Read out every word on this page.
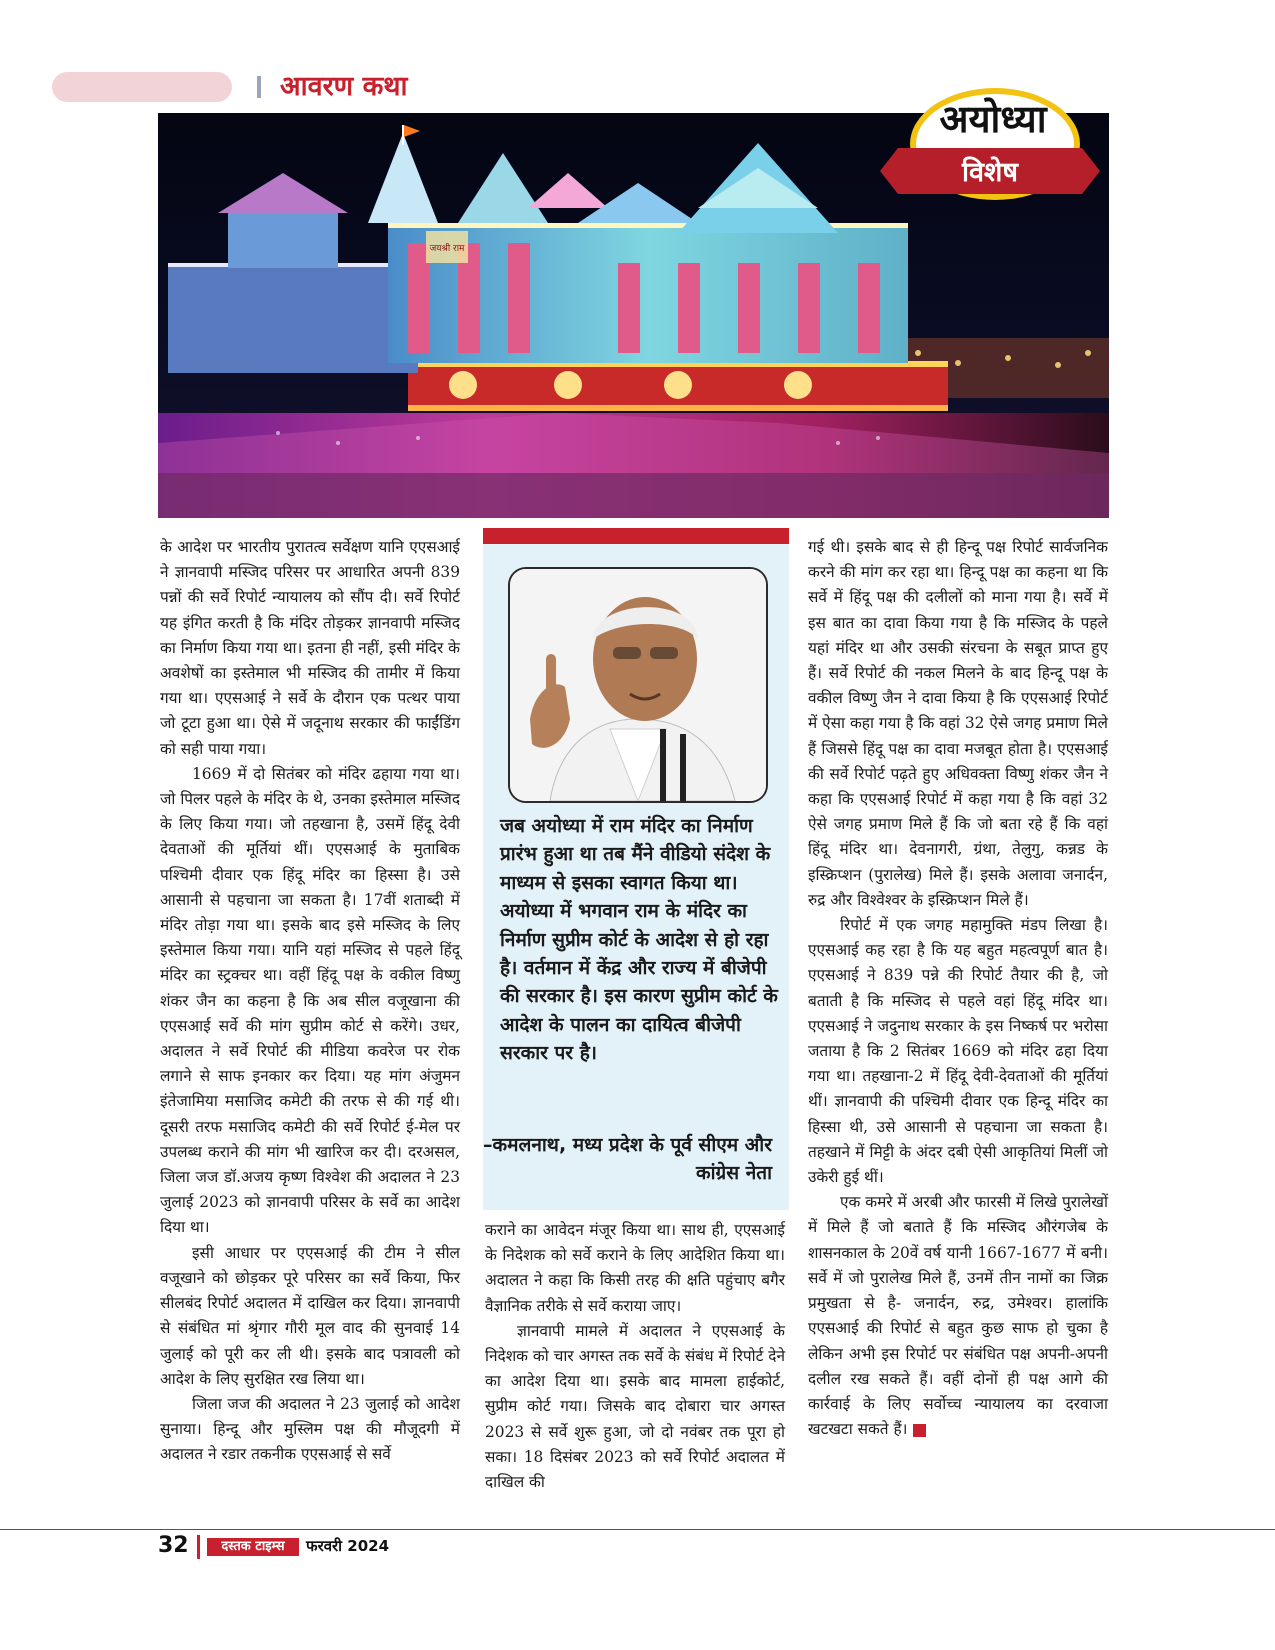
आवरण कथा
जयश्री राम
अयोध्या
विशेष

के आदेश पर भारतीय पुरातत्व सर्वेक्षण यानि एएसआई ने ज्ञानवापी मस्जिद परिसर पर आधारित अपनी 839 पन्नों की सर्वे रिपोर्ट न्यायालय को सौंप दी। सर्वे रिपोर्ट यह इंगित करती है कि मंदिर तोड़कर ज्ञानवापी मस्जिद का निर्माण किया गया था। इतना ही नहीं, इसी मंदिर के अवशेषों का इस्तेमाल भी मस्जिद की तामीर में किया गया था। एएसआई ने सर्वे के दौरान एक पत्थर पाया जो टूटा हुआ था। ऐसे में जदूनाथ सरकार की फाईंडिंग को सही पाया गया।

1669 में दो सितंबर को मंदिर ढहाया गया था। जो पिलर पहले के मंदिर के थे, उनका इस्तेमाल मस्जिद के लिए किया गया। जो तहखाना है, उसमें हिंदू देवी देवताओं की मूर्तियां थीं। एएसआई के मुताबिक पश्चिमी दीवार एक हिंदू मंदिर का हिस्सा है। उसे आसानी से पहचाना जा सकता है। 17वीं शताब्दी में मंदिर तोड़ा गया था। इसके बाद इसे मस्जिद के लिए इस्तेमाल किया गया। यानि यहां मस्जिद से पहले हिंदू मंदिर का स्ट्रक्चर था। वहीं हिंदू पक्ष के वकील विष्णु शंकर जैन का कहना है कि अब सील वजूखाना की एएसआई सर्वे की मांग सुप्रीम कोर्ट से करेंगे। उधर, अदालत ने सर्वे रिपोर्ट की मीडिया कवरेज पर रोक लगाने से साफ इनकार कर दिया। यह मांग अंजुमन इंतेजामिया मसाजिद कमेटी की तरफ से की गई थी। दूसरी तरफ मसाजिद कमेटी की सर्वे रिपोर्ट ई-मेल पर उपलब्ध कराने की मांग भी खारिज कर दी। दरअसल, जिला जज डॉ.अजय कृष्ण विश्वेश की अदालत ने 23 जुलाई 2023 को ज्ञानवापी परिसर के सर्वे का आदेश दिया था।

इसी आधार पर एएसआई की टीम ने सील वजूखाने को छोड़कर पूरे परिसर का सर्वे किया, फिर सीलबंद रिपोर्ट अदालत में दाखिल कर दिया। ज्ञानवापी से संबंधित मां श्रृंगार गौरी मूल वाद की सुनवाई 14 जुलाई को पूरी कर ली थी। इसके बाद पत्रावली को आदेश के लिए सुरक्षित रख लिया था।

जिला जज की अदालत ने 23 जुलाई को आदेश सुनाया। हिन्दू और मुस्लिम पक्ष की मौजूदगी में अदालत ने रडार तकनीक एएसआई से सर्वे

जब अयोध्या में राम मंदिर का निर्माण प्रारंभ हुआ था तब मैंने वीडियो संदेश के माध्यम से इसका स्वागत किया था। अयोध्या में भगवान राम के मंदिर का निर्माण सुप्रीम कोर्ट के आदेश से हो रहा है। वर्तमान में केंद्र और राज्य में बीजेपी की सरकार है। इस कारण सुप्रीम कोर्ट के आदेश के पालन का दायित्व बीजेपी सरकार पर है।
–कमलनाथ, मध्य प्रदेश के पूर्व सीएम और कांग्रेस नेता

कराने का आवेदन मंजूर किया था। साथ ही, एएसआई के निदेशक को सर्वे कराने के लिए आदेशित किया था। अदालत ने कहा कि किसी तरह की क्षति पहुंचाए बगैर वैज्ञानिक तरीके से सर्वे कराया जाए।

ज्ञानवापी मामले में अदालत ने एएसआई के निदेशक को चार अगस्त तक सर्वे के संबंध में रिपोर्ट देने का आदेश दिया था। इसके बाद मामला हाईकोर्ट, सुप्रीम कोर्ट गया। जिसके बाद दोबारा चार अगस्त 2023 से सर्वे शुरू हुआ, जो दो नवंबर तक पूरा हो सका। 18 दिसंबर 2023 को सर्वे रिपोर्ट अदालत में दाखिल की

गई थी। इसके बाद से ही हिन्दू पक्ष रिपोर्ट सार्वजनिक करने की मांग कर रहा था। हिन्दू पक्ष का कहना था कि सर्वे में हिंदू पक्ष की दलीलों को माना गया है। सर्वे में इस बात का दावा किया गया है कि मस्जिद के पहले यहां मंदिर था और उसकी संरचना के सबूत प्राप्त हुए हैं। सर्वे रिपोर्ट की नकल मिलने के बाद हिन्दू पक्ष के वकील विष्णु जैन ने दावा किया है कि एएसआई रिपोर्ट में ऐसा कहा गया है कि वहां 32 ऐसे जगह प्रमाण मिले हैं जिससे हिंदू पक्ष का दावा मजबूत होता है। एएसआई की सर्वे रिपोर्ट पढ़ते हुए अधिवक्ता विष्णु शंकर जैन ने कहा कि एएसआई रिपोर्ट में कहा गया है कि वहां 32 ऐसे जगह प्रमाण मिले हैं कि जो बता रहे हैं कि वहां हिंदू मंदिर था। देवनागरी, ग्रंथा, तेलुगु, कन्नड के इस्क्रिप्शन (पुरालेख) मिले हैं। इसके अलावा जनार्दन, रुद्र और विश्वेश्वर के इस्क्रिप्शन मिले हैं।

रिपोर्ट में एक जगह महामुक्ति मंडप लिखा है। एएसआई कह रहा है कि यह बहुत महत्वपूर्ण बात है। एएसआई ने 839 पन्ने की रिपोर्ट तैयार की है, जो बताती है कि मस्जिद से पहले वहां हिंदू मंदिर था। एएसआई ने जदुनाथ सरकार के इस निष्कर्ष पर भरोसा जताया है कि 2 सितंबर 1669 को मंदिर ढहा दिया गया था। तहखाना-2 में हिंदू देवी-देवताओं की मूर्तियां थीं। ज्ञानवापी की पश्चिमी दीवार एक हिन्दू मंदिर का हिस्सा थी, उसे आसानी से पहचाना जा सकता है। तहखाने में मिट्टी के अंदर दबी ऐसी आकृतियां मिलीं जो उकेरी हुई थीं।

एक कमरे में अरबी और फारसी में लिखे पुरालेखों में मिले हैं जो बताते हैं कि मस्जिद औरंगजेब के शासनकाल के 20वें वर्ष यानी 1667-1677 में बनी। सर्वे में जो पुरालेख मिले हैं, उनमें तीन नामों का जिक्र प्रमुखता से है- जनार्दन, रुद्र, उमेश्वर। हालांकि एएसआई की रिपोर्ट से बहुत कुछ साफ हो चुका है लेकिन अभी इस रिपोर्ट पर संबंधित पक्ष अपनी-अपनी दलील रख सकते हैं। वहीं दोनों ही पक्ष आगे की कार्रवाई के लिए सर्वोच्च न्यायालय का दरवाजा खटखटा सकते हैं।

32	दस्तक टाइम्स	फरवरी 2024
